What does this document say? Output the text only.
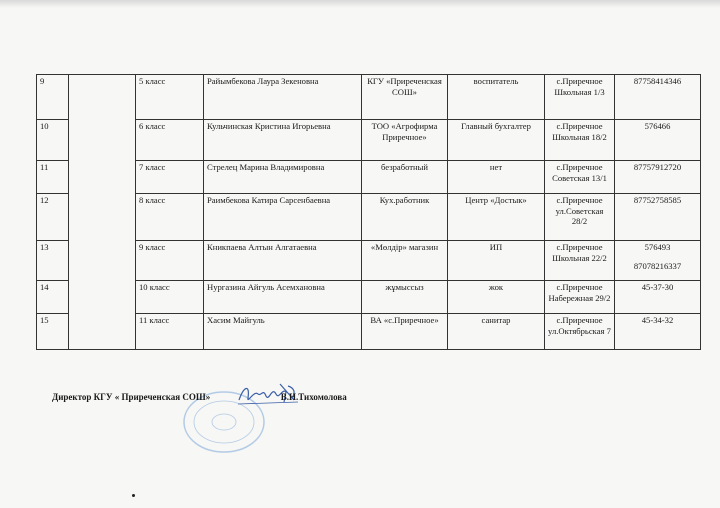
9		5 класс	Райымбекова Лаура Зекеновна	КГУ «Приреченская СОШ»	воспитатель	с.Приречное Школьная 1/3	87758414346

10		6 класс	Кульчинская Кристина Игорьевна	ТОО «Агрофирма Приречное»	Главный бухгалтер	с.Приречное Школьная 18/2	576466

11		7 класс	Стрелец Марина Владимировна	безработный	нет	с.Приречное Советская 13/1	87757912720

12		8 класс	Раимбекова Катира Сарсенбаевна	Кух.работник	Центр «Достык»	с.Приречное ул.Советская 28/2	87752758585

13		9 класс	Кникпаева Алтын Алгатаевна	«Мөлдір» магазин	ИП	с.Приречное Школьная 22/2	576493
87078216337

14		10 класс	Нургазина Айгуль Асемхановна	жұмыссыз	жок	с.Приречное Набережная 29/2	45-37-30

15		11 класс	Хасим Майгуль	ВА «с.Приречное»	санитар	с.Приречное ул.Октябрьская 7	45-34-32
Директор КГУ « Приреченская СОШ»	В.Н.Тихомолова
